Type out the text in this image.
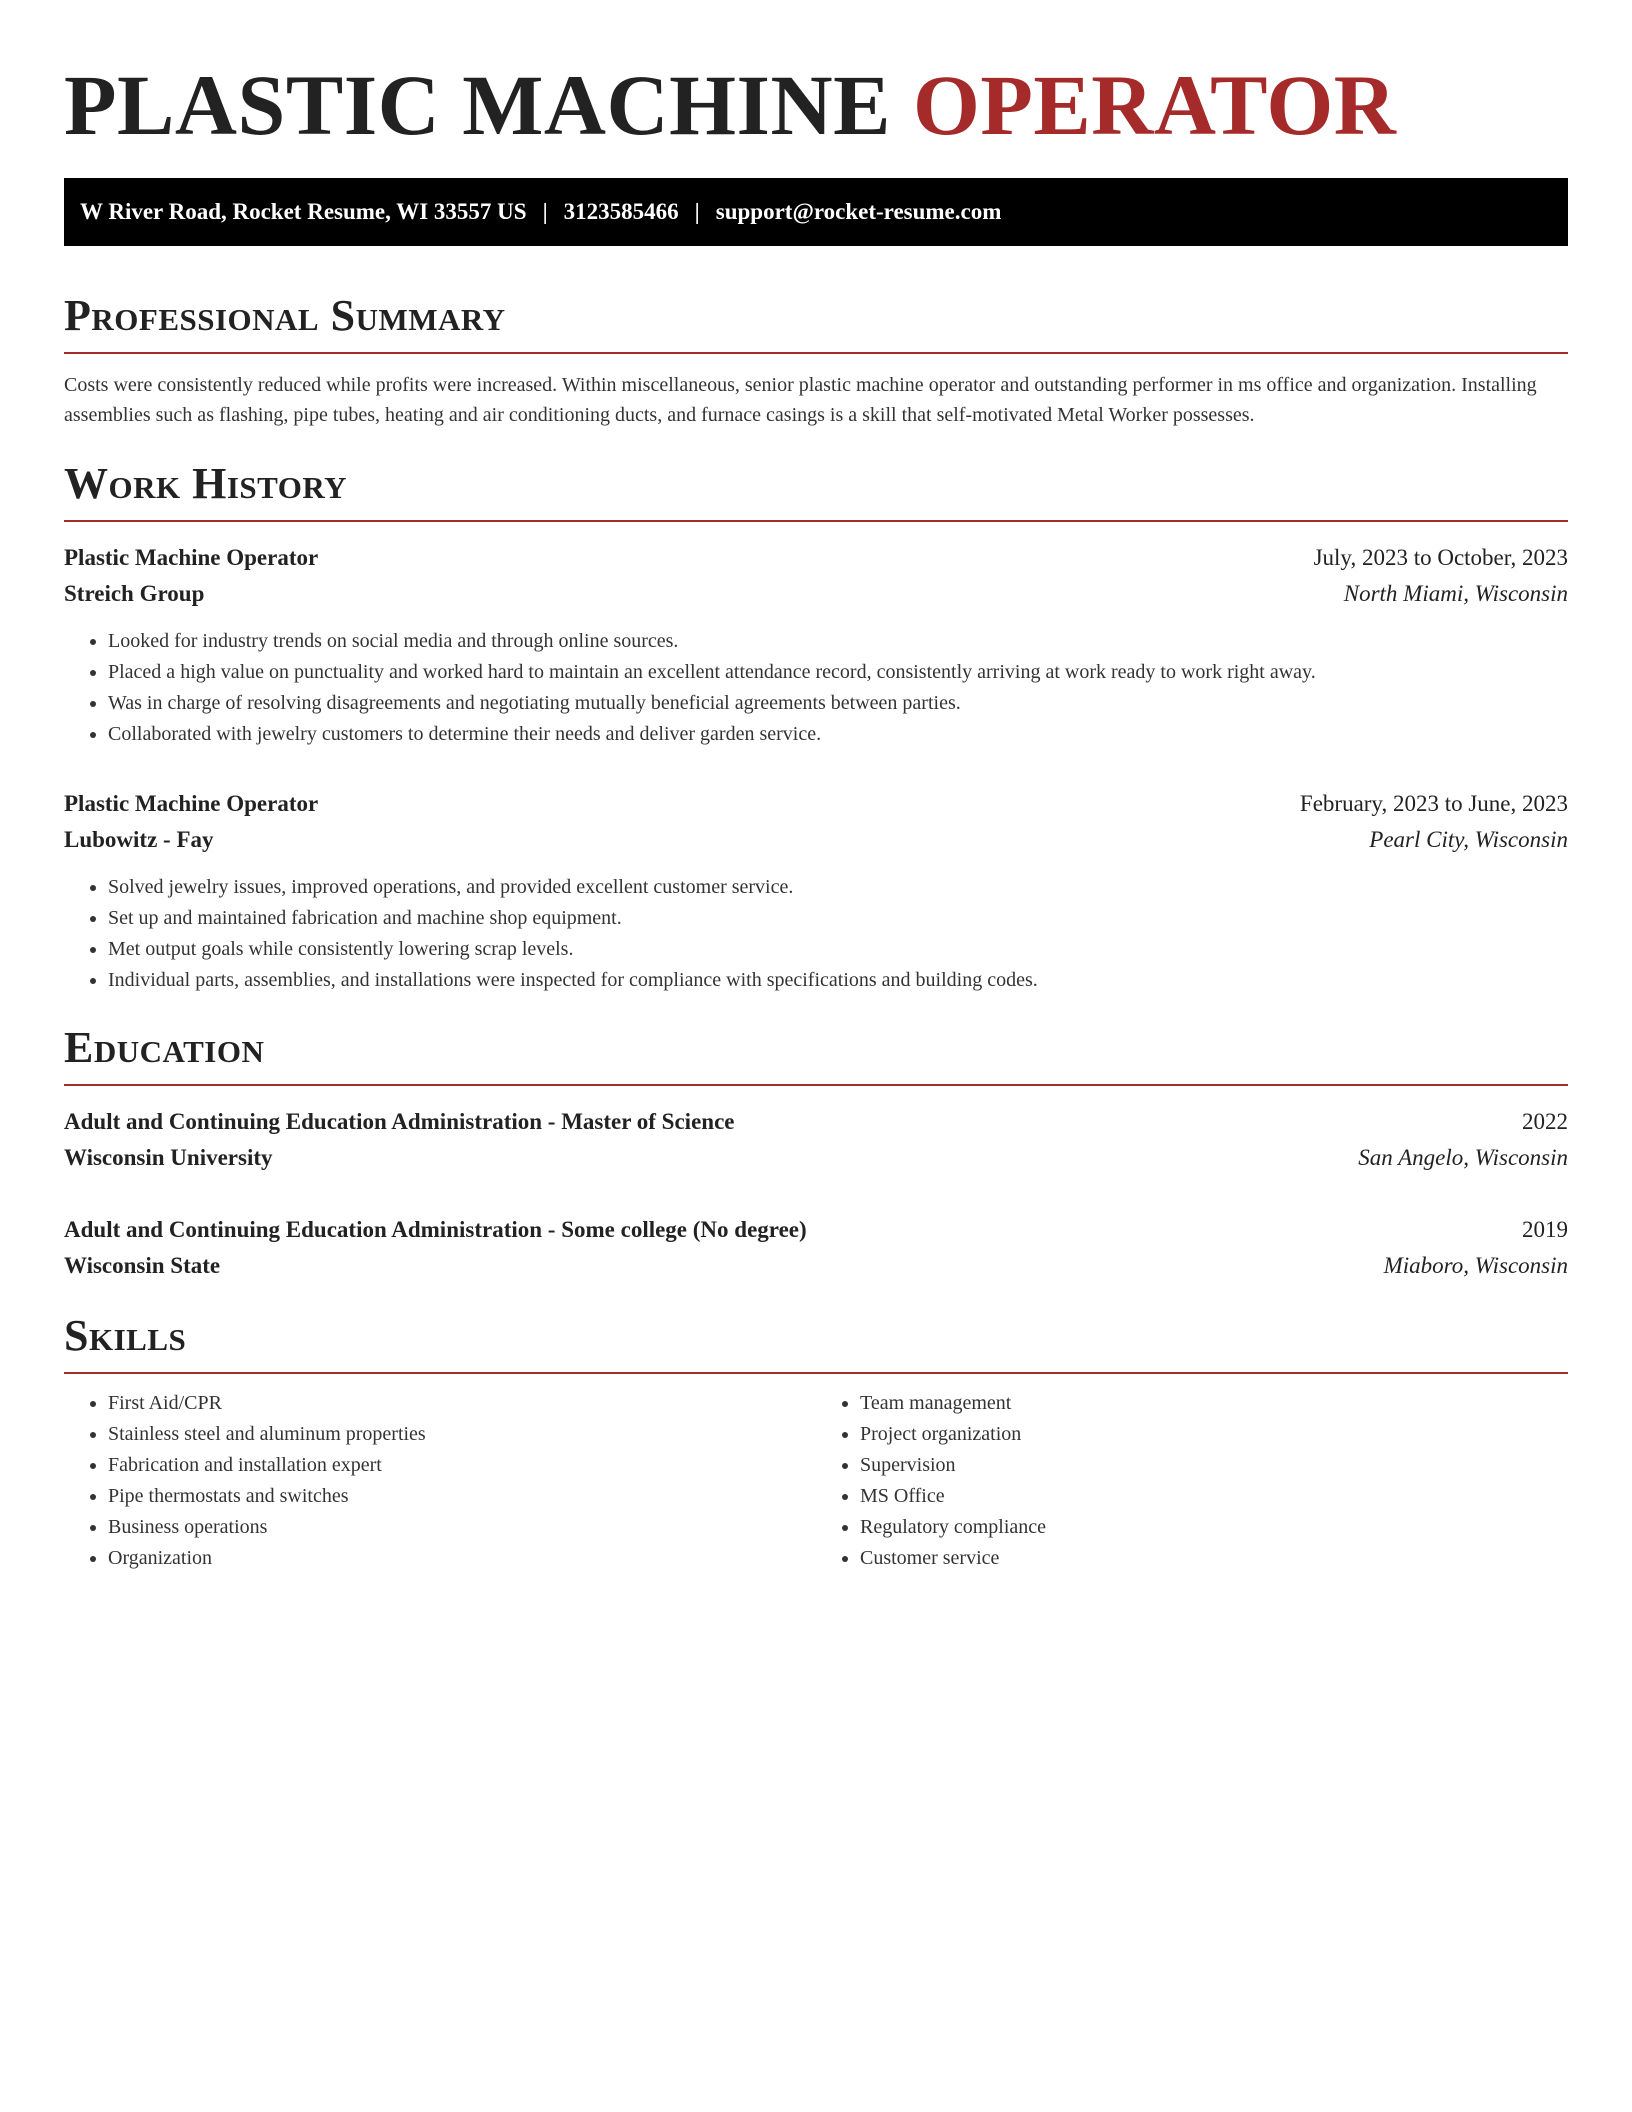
PLASTIC MACHINE OPERATOR
W River Road, Rocket Resume, WI 33557 US | 3123585466 | support@rocket-resume.com
Professional Summary

Costs were consistently reduced while profits were increased. Within miscellaneous, senior plastic machine operator and outstanding performer in ms office and organization. Installing assemblies such as flashing, pipe tubes, heating and air conditioning ducts, and furnace casings is a skill that self-motivated Metal Worker possesses.

Work History
Plastic Machine Operator	July, 2023 to October, 2023
Streich Group	North Miami, Wisconsin
• Looked for industry trends on social media and through online sources.
• Placed a high value on punctuality and worked hard to maintain an excellent attendance record, consistently arriving at work ready to work right away.
• Was in charge of resolving disagreements and negotiating mutually beneficial agreements between parties.
• Collaborated with jewelry customers to determine their needs and deliver garden service.
Plastic Machine Operator	February, 2023 to June, 2023
Lubowitz - Fay	Pearl City, Wisconsin
• Solved jewelry issues, improved operations, and provided excellent customer service.
• Set up and maintained fabrication and machine shop equipment.
• Met output goals while consistently lowering scrap levels.
• Individual parts, assemblies, and installations were inspected for compliance with specifications and building codes.
Education
Adult and Continuing Education Administration - Master of Science	2022
Wisconsin University	San Angelo, Wisconsin
Adult and Continuing Education Administration - Some college (No degree)	2019
Wisconsin State	Miaboro, Wisconsin
Skills
• First Aid/CPR
• Stainless steel and aluminum properties
• Fabrication and installation expert
• Pipe thermostats and switches
• Business operations
• Organization
• Team management
• Project organization
• Supervision
• MS Office
• Regulatory compliance
• Customer service
